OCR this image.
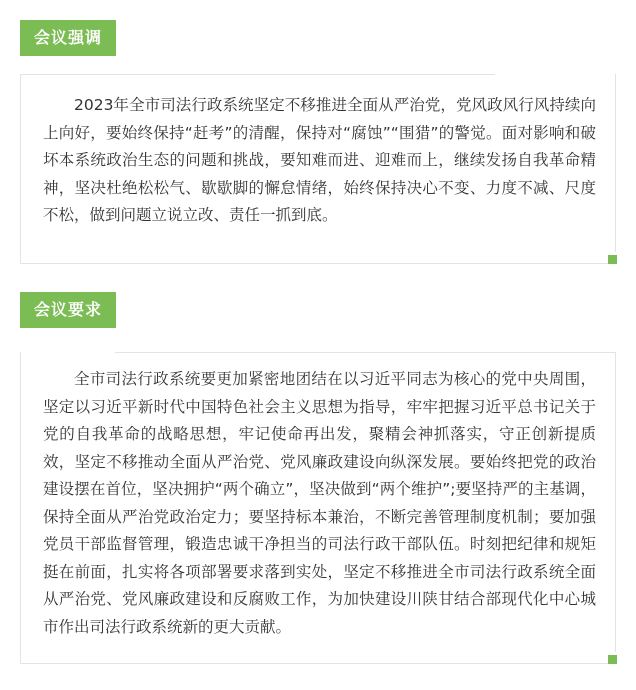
会议强调

2023年全市司法行政系统坚定不移推进全面从严治党，党风政风行风持续向上向好，要始终保持“赶考”的清醒，保持对“腐蚀”“围猎”的警觉。面对影响和破坏本系统政治生态的问题和挑战，要知难而进、迎难而上，继续发扬自我革命精神，坚决杜绝松松气、歇歇脚的懈怠情绪，始终保持决心不变、力度不减、尺度不松，做到问题立说立改、责任一抓到底。

会议要求

全市司法行政系统要更加紧密地团结在以习近平同志为核心的党中央周围，坚定以习近平新时代中国特色社会主义思想为指导，牢牢把握习近平总书记关于党的自我革命的战略思想，牢记使命再出发，聚精会神抓落实，守正创新提质效，坚定不移推动全面从严治党、党风廉政建设向纵深发展。要始终把党的政治建设摆在首位，坚决拥护“两个确立”，坚决做到“两个维护”;要坚持严的主基调，保持全面从严治党政治定力；要坚持标本兼治，不断完善管理制度机制；要加强党员干部监督管理，锻造忠诚干净担当的司法行政干部队伍。时刻把纪律和规矩挺在前面，扎实将各项部署要求落到实处，坚定不移推进全市司法行政系统全面从严治党、党风廉政建设和反腐败工作，为加快建设川陕甘结合部现代化中心城市作出司法行政系统新的更大贡献。
